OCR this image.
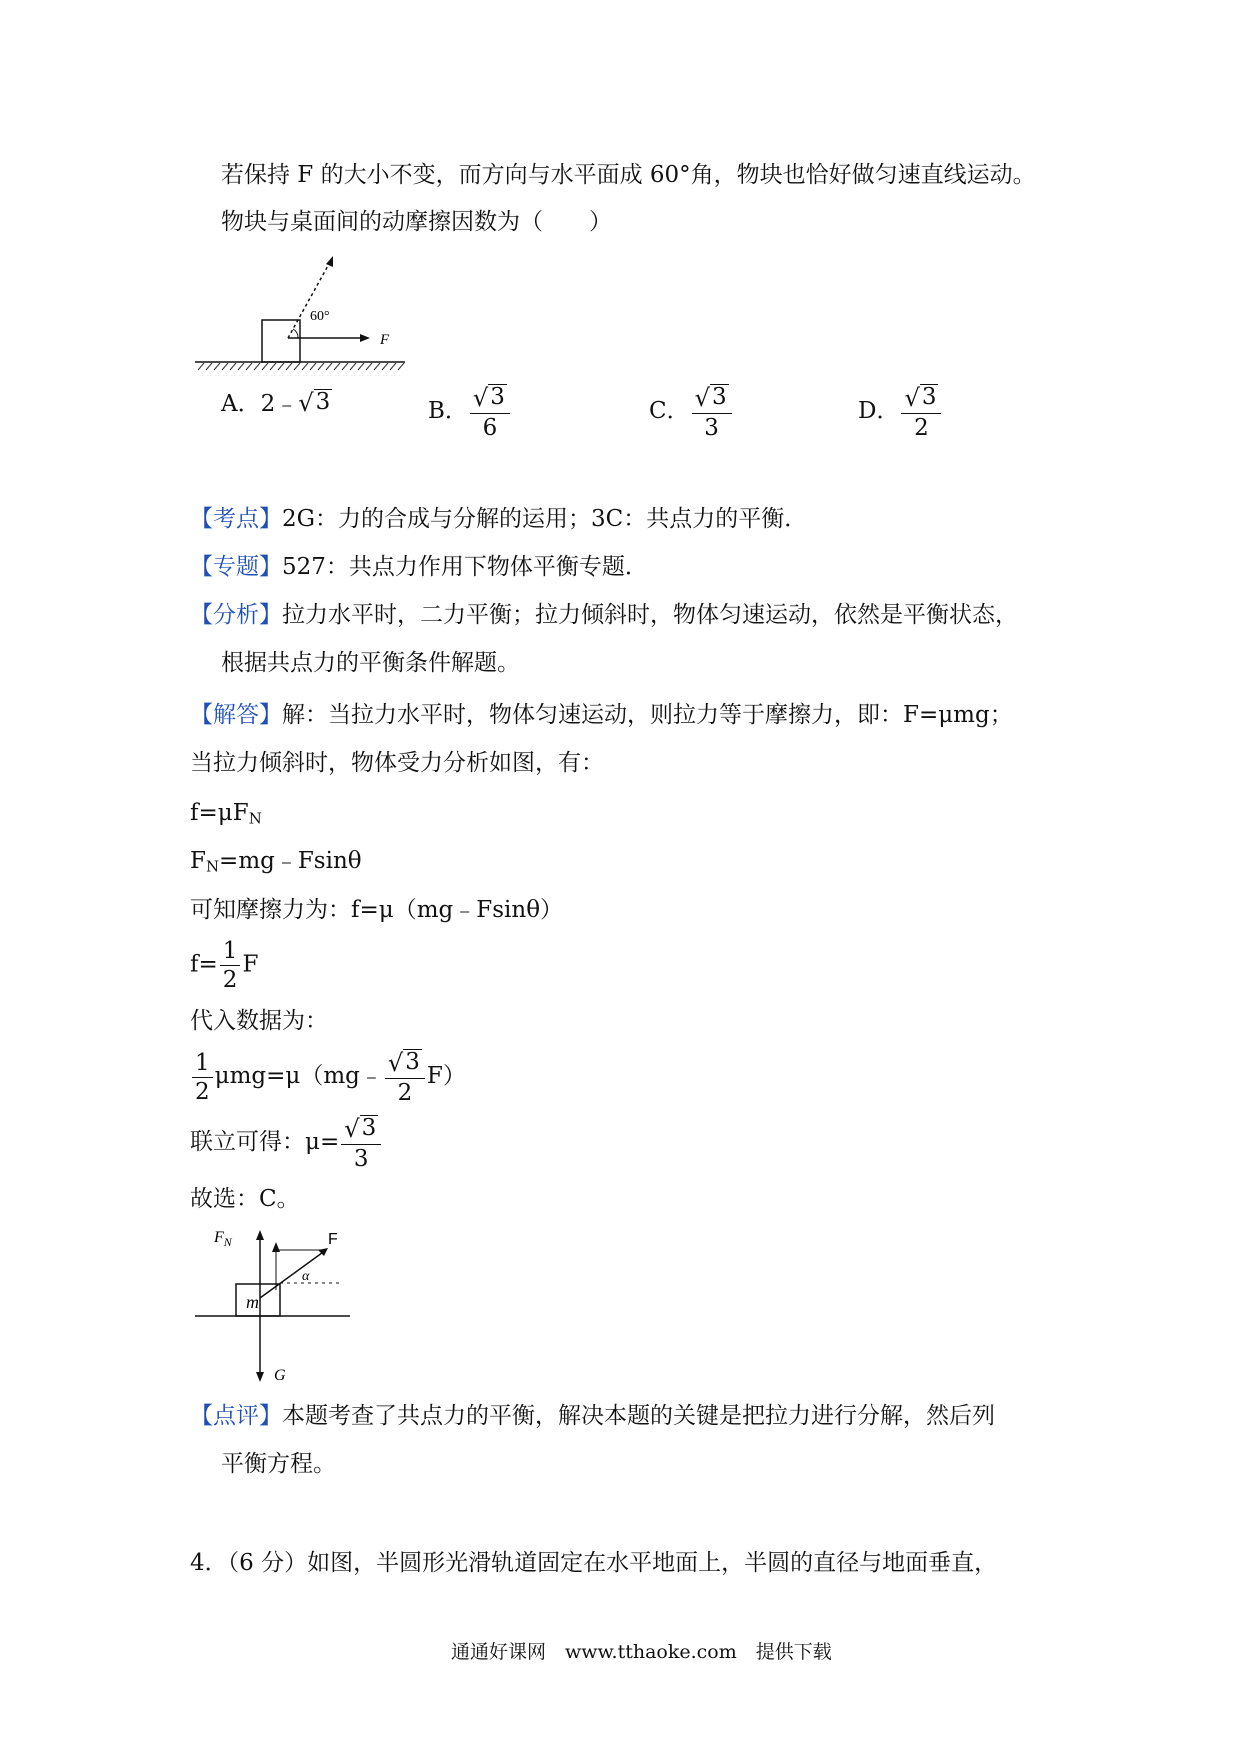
若保持 F 的大小不变，而方向与水平面成 60°角，物块也恰好做匀速直线运动。
物块与桌面间的动摩擦因数为（　　）
60°
F
A．2﹣ √ 3	B． $\frac{√ 3}{6}$	C． $\frac{√ 3}{3}$	D． $\frac{√ 3}{2}$
【考点】2G：力的合成与分解的运用；3C：共点力的平衡．
【专题】527：共点力作用下物体平衡专题．
【分析】拉力水平时，二力平衡；拉力倾斜时，物体匀速运动，依然是平衡状态，
根据共点力的平衡条件解题。
【解答】解：当拉力水平时，物体匀速运动，则拉力等于摩擦力，即：F=μmg；
当拉力倾斜时，物体受力分析如图，有：
$f=\mu F_N$
$F_N=mg﹣Fsin\theta$
可知摩擦力为：f=μ（mg﹣Fsinθ）
$f= \frac{1}{2}$ F
代入数据为：
$\frac{1}{2}$ μmg=μ（mg﹣ $\frac{√ 3}{2} F$）
联立可得：$\mu= \frac{√ 3}{3}$
故选：C。
$F_N$	F
α
m
G
【点评】本题考查了共点力的平衡，解决本题的关键是把拉力进行分解，然后列
平衡方程。
4．（6 分）如图，半圆形光滑轨道固定在水平地面上，半圆的直径与地面垂直，
通通好课网　www.tthaoke.com　提供下载
